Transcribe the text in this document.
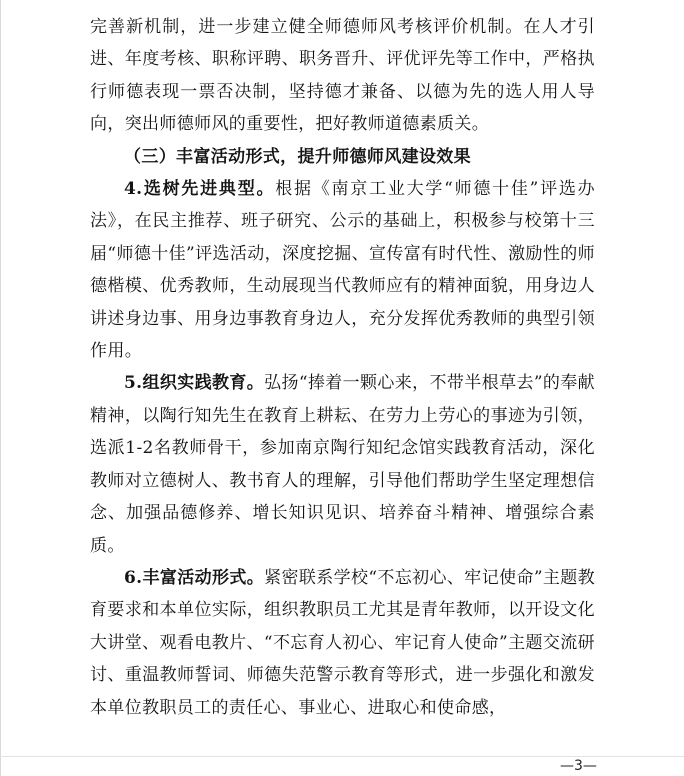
完善新机制，进一步建立健全师德师风考核评价机制。在人才引进、年度考核、职称评聘、职务晋升、评优评先等工作中，严格执行师德表现一票否决制，坚持德才兼备、以德为先的选人用人导向，突出师德师风的重要性，把好教师道德素质关。

（三）丰富活动形式，提升师德师风建设效果

4.选树先进典型。根据《南京工业大学“师德十佳”评选办法》，在民主推荐、班子研究、公示的基础上，积极参与校第十三届“师德十佳”评选活动，深度挖掘、宣传富有时代性、激励性的师德楷模、优秀教师，生动展现当代教师应有的精神面貌，用身边人讲述身边事、用身边事教育身边人，充分发挥优秀教师的典型引领作用。

5.组织实践教育。弘扬“捧着一颗心来，不带半根草去”的奉献精神，以陶行知先生在教育上耕耘、在劳力上劳心的事迹为引领，选派1-2名教师骨干，参加南京陶行知纪念馆实践教育活动，深化教师对立德树人、教书育人的理解，引导他们帮助学生坚定理想信念、加强品德修养、增长知识见识、培养奋斗精神、增强综合素质。

6.丰富活动形式。紧密联系学校“不忘初心、牢记使命”主题教育要求和本单位实际，组织教职员工尤其是青年教师，以开设文化大讲堂、观看电教片、“不忘育人初心、牢记育人使命”主题交流研讨、重温教师誓词、师德失范警示教育等形式，进一步强化和激发本单位教职员工的责任心、事业心、进取心和使命感，

—3—
